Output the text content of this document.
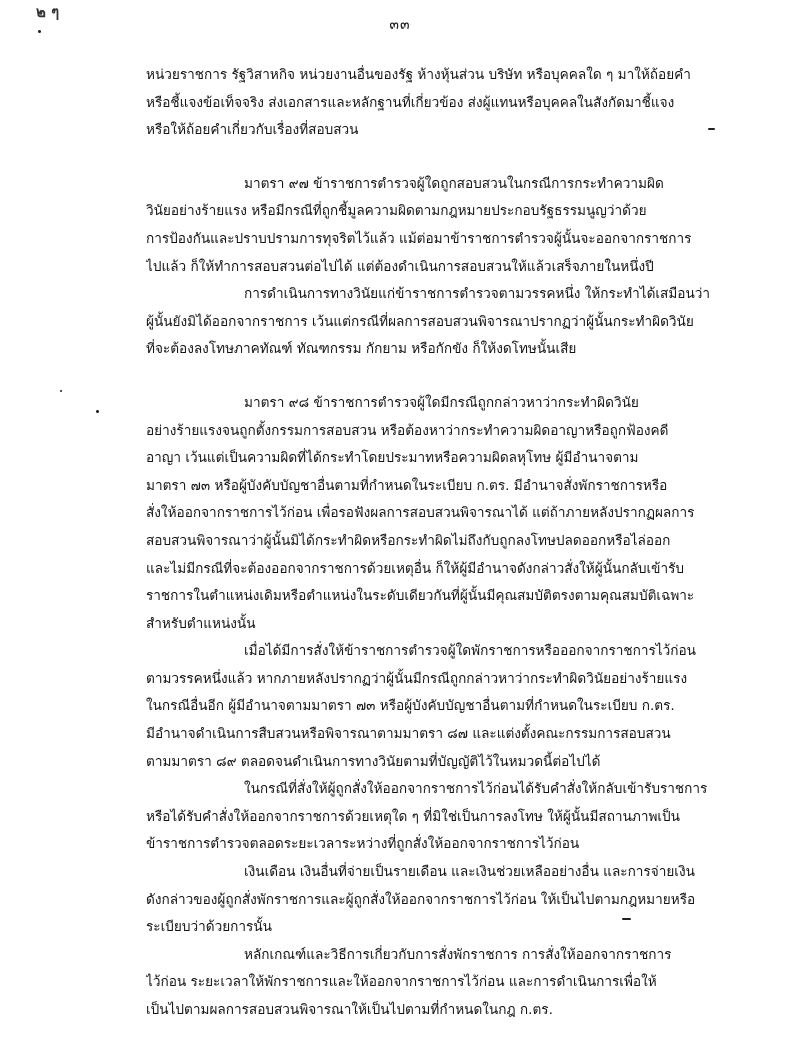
๒ ๆ
๓๓
หน่วยราชการ รัฐวิสาหกิจ หน่วยงานอื่นของรัฐ ห้างหุ้นส่วน บริษัท หรือบุคคลใด ๆ มาให้ถ้อยคำ
หรือชี้แจงข้อเท็จจริง ส่งเอกสารและหลักฐานที่เกี่ยวข้อง ส่งผู้แทนหรือบุคคลในสังกัดมาชี้แจง
หรือให้ถ้อยคำเกี่ยวกับเรื่องที่สอบสวน
มาตรา ๙๗ ข้าราชการตำรวจผู้ใดถูกสอบสวนในกรณีการกระทำความผิด
วินัยอย่างร้ายแรง หรือมีกรณีที่ถูกชี้มูลความผิดตามกฎหมายประกอบรัฐธรรมนูญว่าด้วย
การป้องกันและปราบปรามการทุจริตไว้แล้ว แม้ต่อมาข้าราชการตำรวจผู้นั้นจะออกจากราชการ
ไปแล้ว ก็ให้ทำการสอบสวนต่อไปได้ แต่ต้องดำเนินการสอบสวนให้แล้วเสร็จภายในหนึ่งปี
การดำเนินการทางวินัยแก่ข้าราชการตำรวจตามวรรคหนึ่ง ให้กระทำได้เสมือนว่า
ผู้นั้นยังมิได้ออกจากราชการ เว้นแต่กรณีที่ผลการสอบสวนพิจารณาปรากฏว่าผู้นั้นกระทำผิดวินัย
ที่จะต้องลงโทษภาคทัณฑ์ ทัณฑกรรม กักยาม หรือกักขัง ก็ให้งดโทษนั้นเสีย
มาตรา ๙๘ ข้าราชการตำรวจผู้ใดมีกรณีถูกกล่าวหาว่ากระทำผิดวินัย
อย่างร้ายแรงจนถูกตั้งกรรมการสอบสวน หรือต้องหาว่ากระทำความผิดอาญาหรือถูกฟ้องคดี
อาญา เว้นแต่เป็นความผิดที่ได้กระทำโดยประมาทหรือความผิดลหุโทษ ผู้มีอำนาจตาม
มาตรา ๗๓ หรือผู้บังคับบัญชาอื่นตามที่กำหนดในระเบียบ ก.ตร. มีอำนาจสั่งพักราชการหรือ
สั่งให้ออกจากราชการไว้ก่อน เพื่อรอฟังผลการสอบสวนพิจารณาได้ แต่ถ้าภายหลังปรากฏผลการ
สอบสวนพิจารณาว่าผู้นั้นมิได้กระทำผิดหรือกระทำผิดไม่ถึงกับถูกลงโทษปลดออกหรือไล่ออก
และไม่มีกรณีที่จะต้องออกจากราชการด้วยเหตุอื่น ก็ให้ผู้มีอำนาจดังกล่าวสั่งให้ผู้นั้นกลับเข้ารับ
ราชการในตำแหน่งเดิมหรือตำแหน่งในระดับเดียวกันที่ผู้นั้นมีคุณสมบัติตรงตามคุณสมบัติเฉพาะ
สำหรับตำแหน่งนั้น
เมื่อได้มีการสั่งให้ข้าราชการตำรวจผู้ใดพักราชการหรือออกจากราชการไว้ก่อน
ตามวรรคหนึ่งแล้ว หากภายหลังปรากฏว่าผู้นั้นมีกรณีถูกกล่าวหาว่ากระทำผิดวินัยอย่างร้ายแรง
ในกรณีอื่นอีก ผู้มีอำนาจตามมาตรา ๗๓ หรือผู้บังคับบัญชาอื่นตามที่กำหนดในระเบียบ ก.ตร.
มีอำนาจดำเนินการสืบสวนหรือพิจารณาตามมาตรา ๘๗ และแต่งตั้งคณะกรรมการสอบสวน
ตามมาตรา ๘๙ ตลอดจนดำเนินการทางวินัยตามที่บัญญัติไว้ในหมวดนี้ต่อไปได้
ในกรณีที่สั่งให้ผู้ถูกสั่งให้ออกจากราชการไว้ก่อนได้รับคำสั่งให้กลับเข้ารับราชการ
หรือได้รับคำสั่งให้ออกจากราชการด้วยเหตุใด ๆ ที่มิใช่เป็นการลงโทษ ให้ผู้นั้นมีสถานภาพเป็น
ข้าราชการตำรวจตลอดระยะเวลาระหว่างที่ถูกสั่งให้ออกจากราชการไว้ก่อน
เงินเดือน เงินอื่นที่จ่ายเป็นรายเดือน และเงินช่วยเหลืออย่างอื่น และการจ่ายเงิน
ดังกล่าวของผู้ถูกสั่งพักราชการและผู้ถูกสั่งให้ออกจากราชการไว้ก่อน ให้เป็นไปตามกฎหมายหรือ
ระเบียบว่าด้วยการนั้น
หลักเกณฑ์และวิธีการเกี่ยวกับการสั่งพักราชการ การสั่งให้ออกจากราชการ
ไว้ก่อน ระยะเวลาให้พักราชการและให้ออกจากราชการไว้ก่อน และการดำเนินการเพื่อให้
เป็นไปตามผลการสอบสวนพิจารณาให้เป็นไปตามที่กำหนดในกฎ ก.ตร.
